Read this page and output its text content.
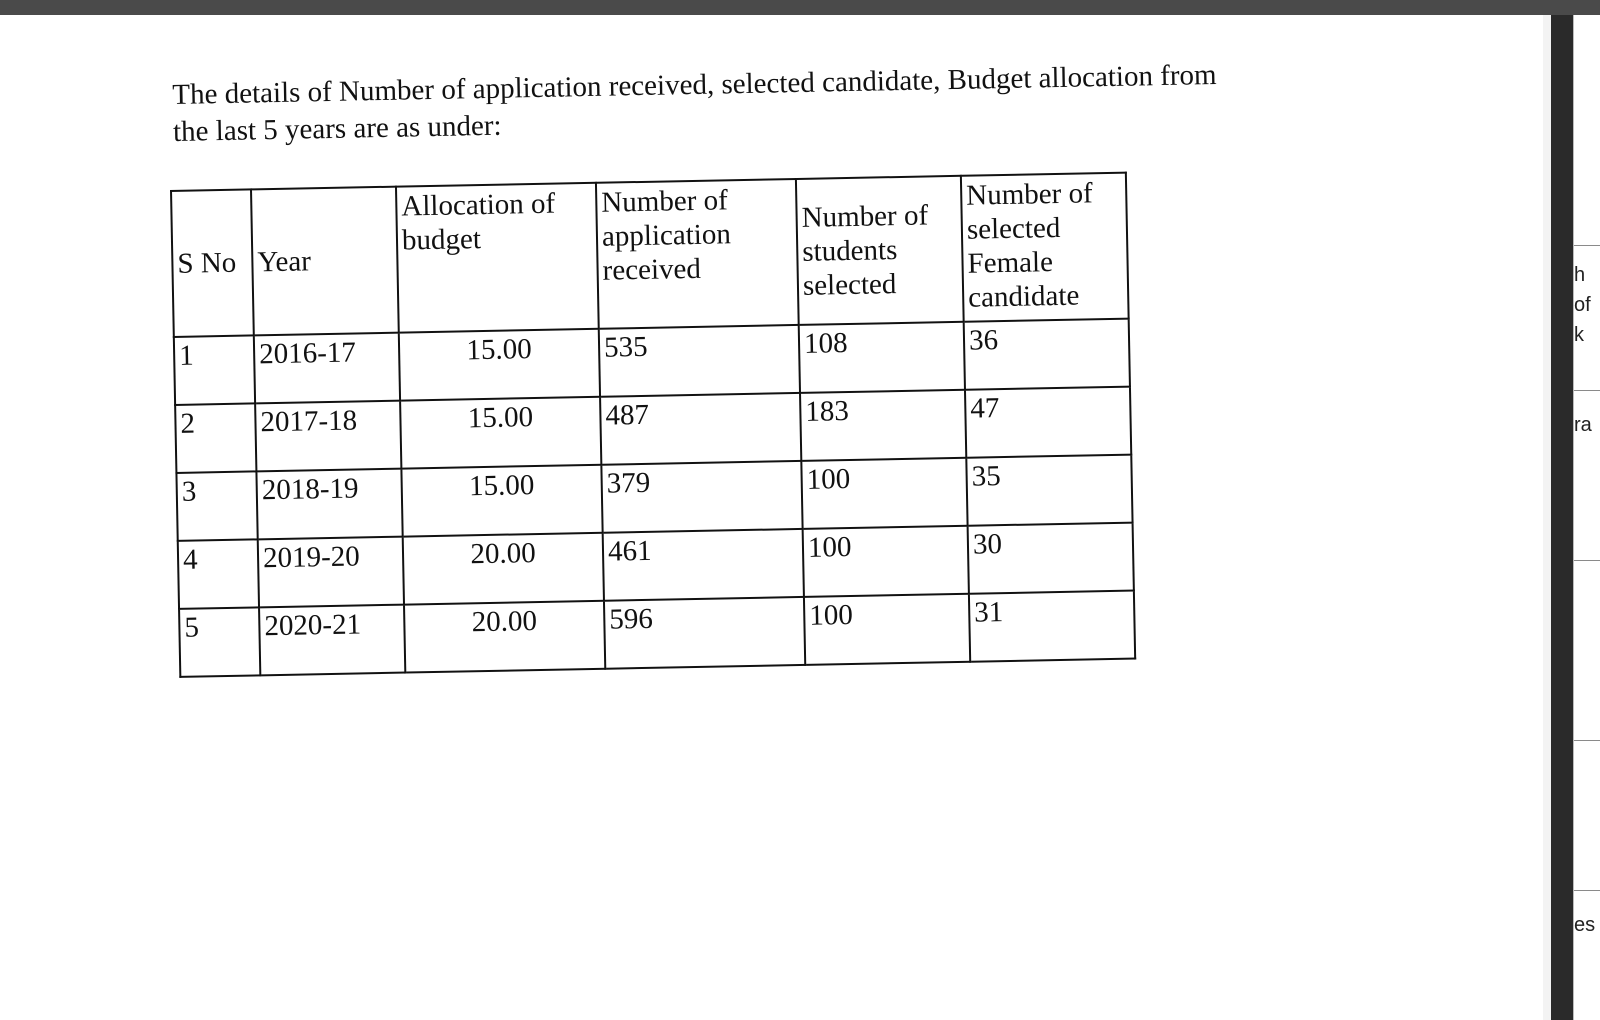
The details of Number of application received, selected candidate, Budget allocation from
the last 5 years are as under:
S No	Year	Allocation of budget	Number of application received	Number of students selected	Number of selected Female candidate
1	2016-17	15.00	535	108	36
2	2017-18	15.00	487	183	47
3	2018-19	15.00	379	100	35
4	2019-20	20.00	461	100	30
5	2020-21	20.00	596	100	31
h
of
k
ra
es
